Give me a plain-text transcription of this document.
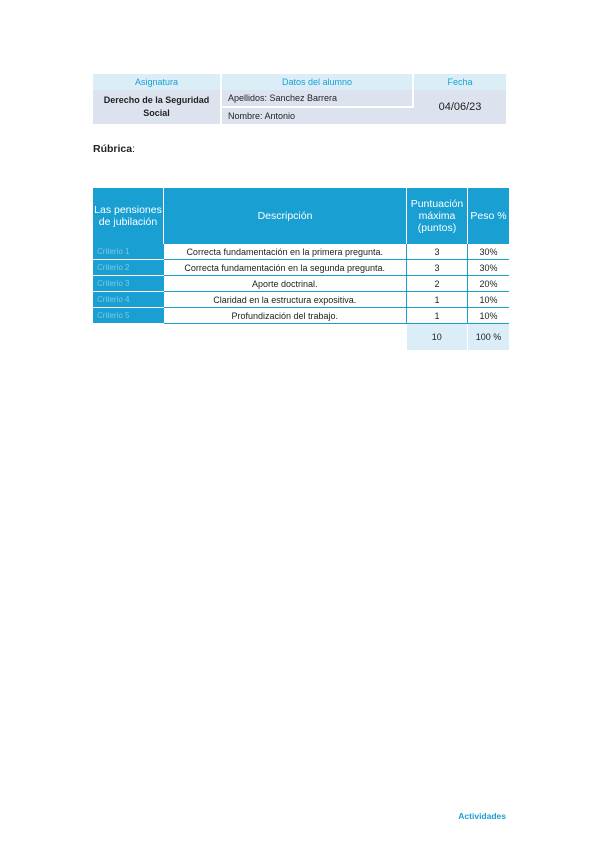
Asignatura	Datos del alumno	Fecha
Derecho de la Seguridad Social	Apellidos: Sanchez Barrera	04/06/23
	Nombre: Antonio	
Rúbrica:
Las pensiones de jubilación	Descripción	Puntuación máxima (puntos)	Peso %
Criterio 1	Correcta fundamentación en la primera pregunta.	3	30%
Criterio 2	Correcta fundamentación en la segunda pregunta.	3	30%
Criterio 3	Aporte doctrinal.	2	20%
Criterio 4	Claridad en la estructura expositiva.	1	10%
Criterio 5	Profundización del trabajo.	1	10%
		10	100 %
Actividades
